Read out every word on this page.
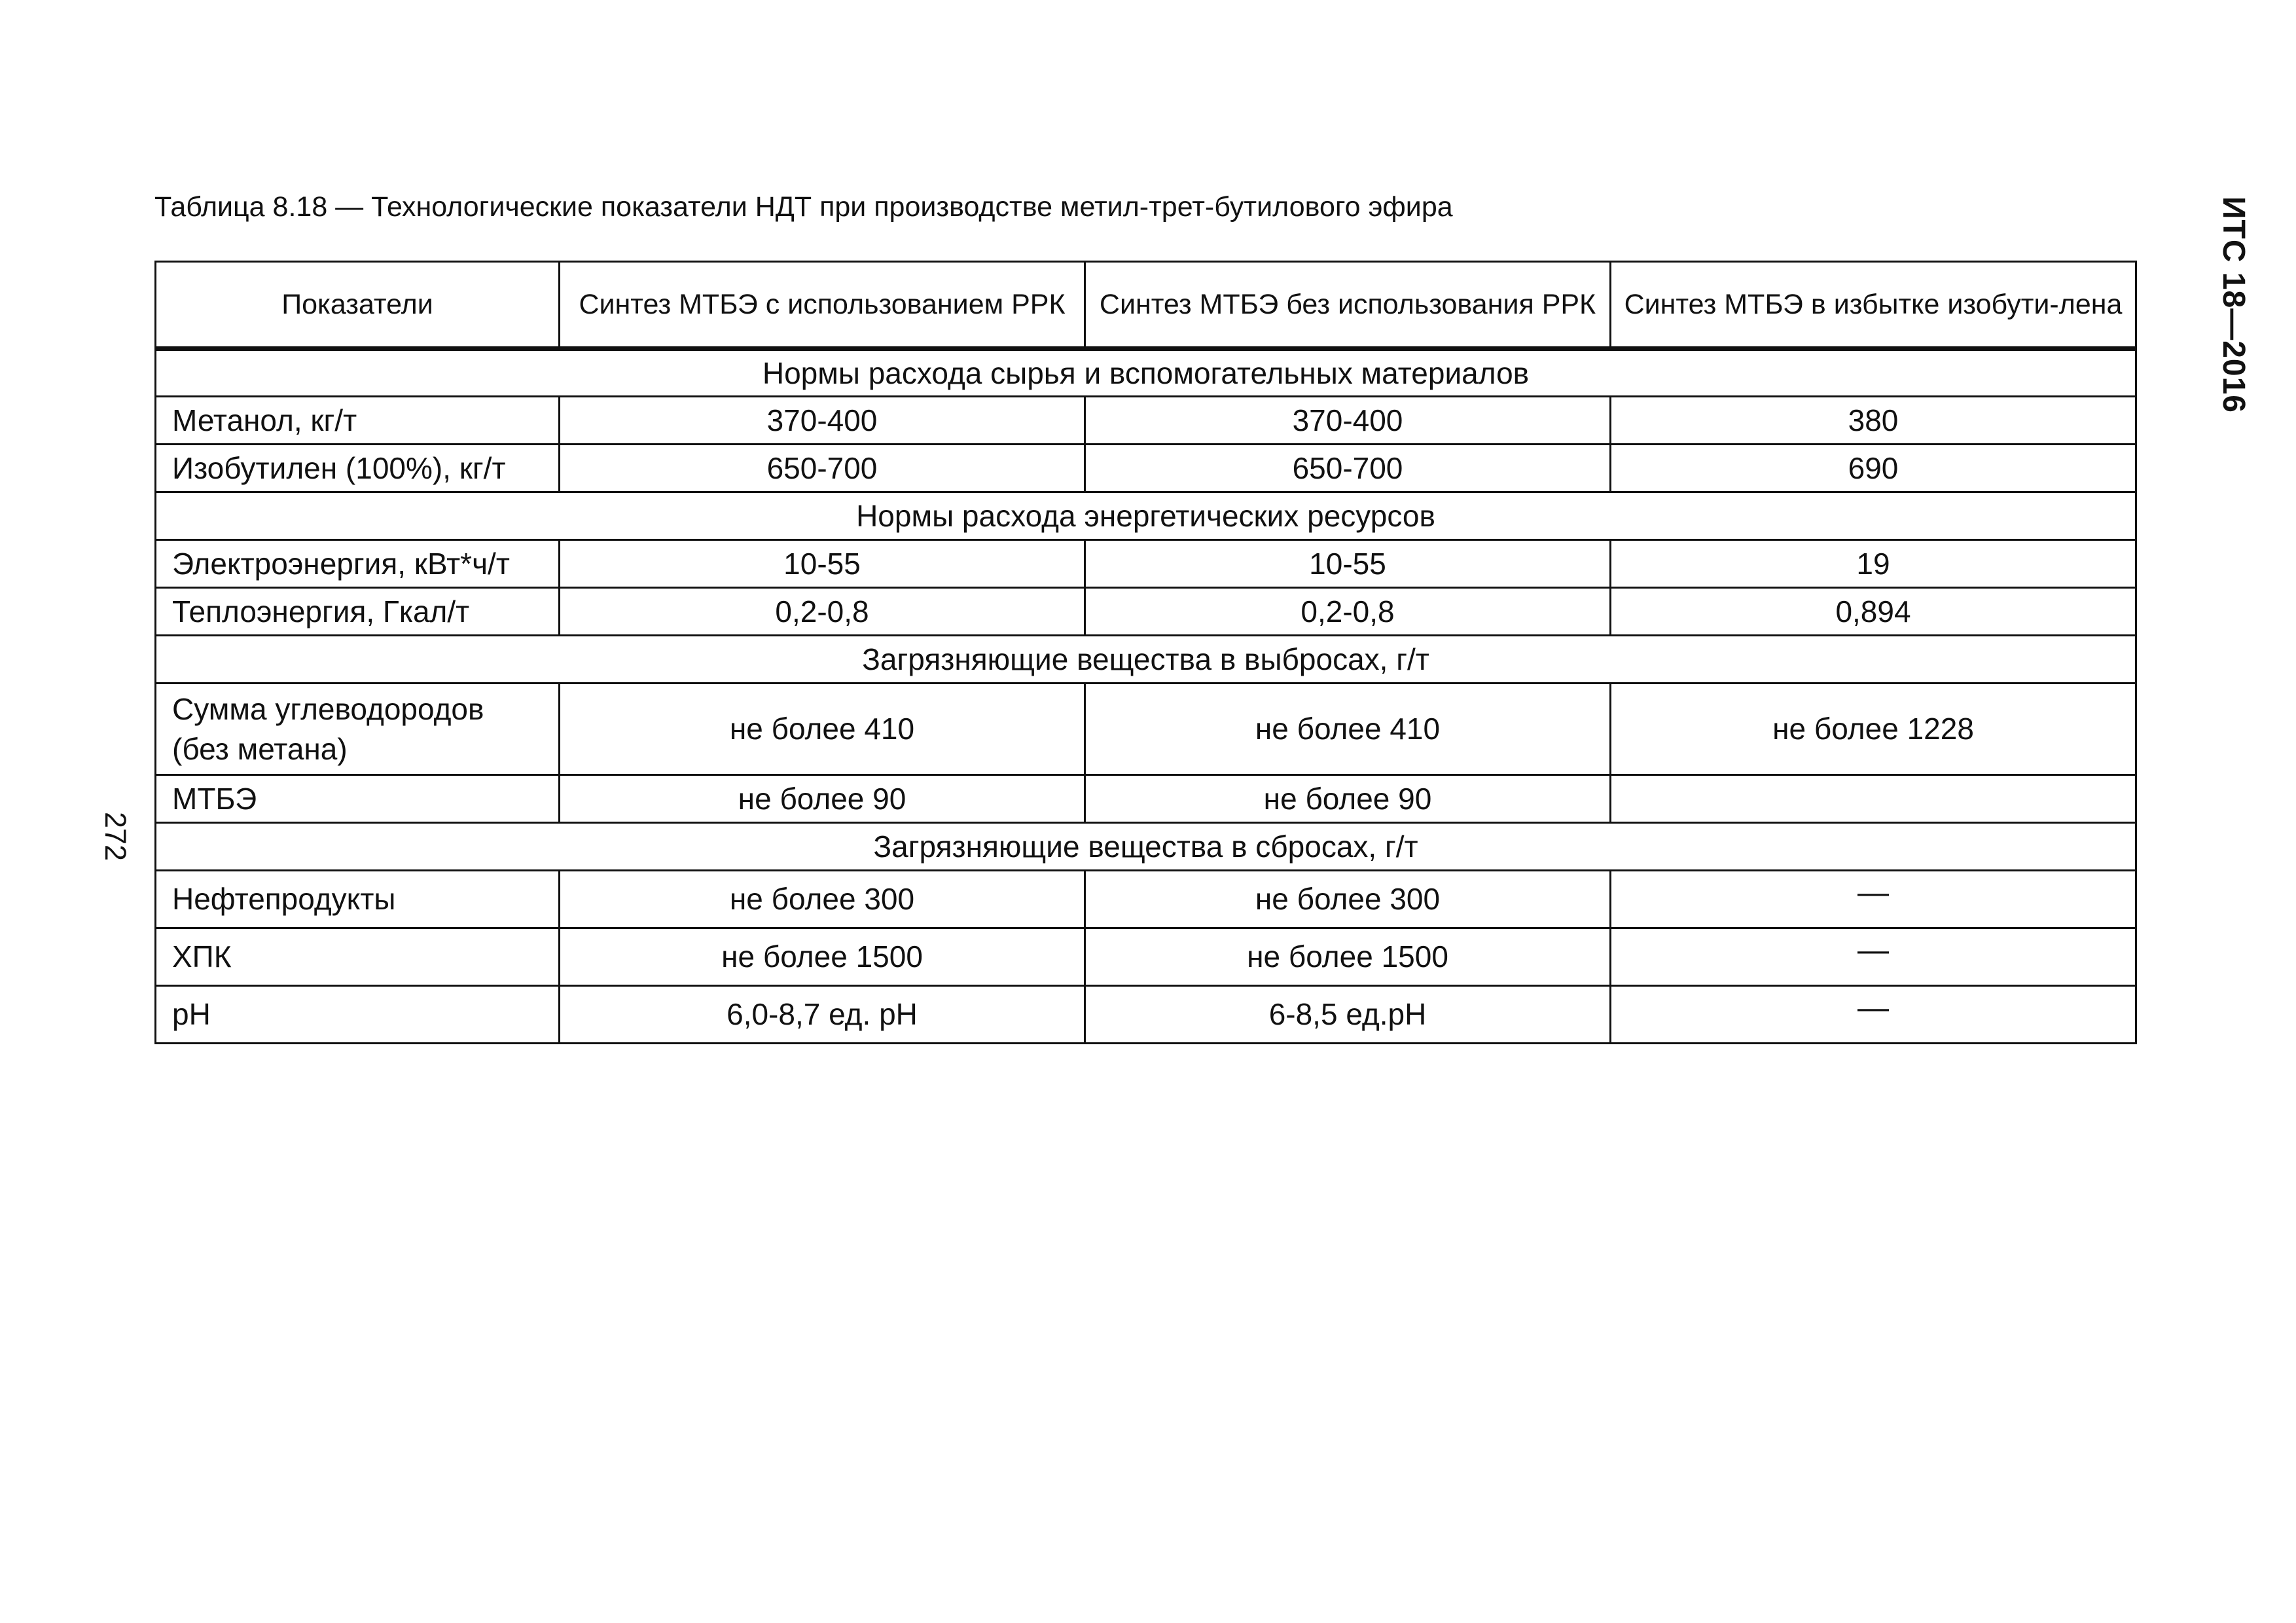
Таблица 8.18 — Технологические показатели НДТ при производстве метил-трет-бутилового эфира	ИТС 18—2016
272
Показатели	Синтез МТБЭ с использованием РРК	Синтез МТБЭ без использования РРК	Синтез МТБЭ в избытке изобути-лена
Нормы расхода сырья и вспомогательных материалов			
Метанол, кг/т	370-400	370-400	380
Изобутилен (100%), кг/т	650-700	650-700	690
Нормы расхода энергетических ресурсов			
Электроэнергия, кВт*ч/т	10-55	10-55	19
Теплоэнергия, Гкал/т	0,2-0,8	0,2-0,8	0,894
Загрязняющие вещества в выбросах, г/т			
Сумма углеводородов (без метана)	не более 410	не более 410	не более 1228
МТБЭ	не более 90	не более 90	
Загрязняющие вещества в сбросах, г/т			
Нефтепродукты	не более 300	не более 300	—
ХПК	не более 1500	не более 1500	—
pH	6,0-8,7 ед. pH	6-8,5 ед.pH	—
